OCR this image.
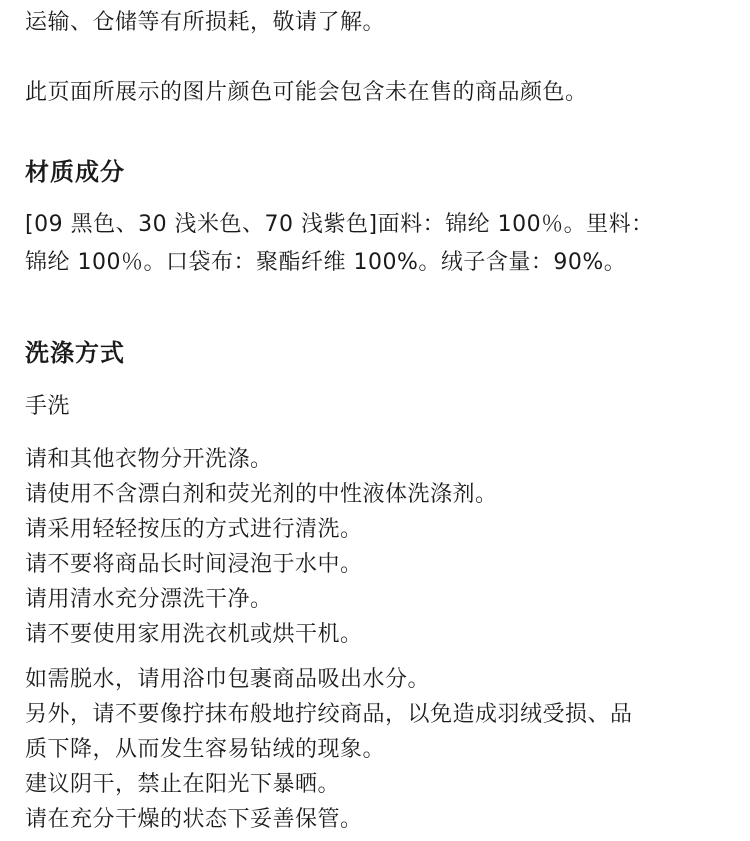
运输、仓储等有所损耗，敬请了解。
此页面所展示的图片颜色可能会包含未在售的商品颜色。
材质成分
[09 黑色、30 浅米色、70 浅紫色]面料：锦纶 100％。里料：
锦纶 100％。口袋布：聚酯纤维 100%。绒子含量：90%。
洗涤方式
手洗
请和其他衣物分开洗涤。
请使用不含漂白剂和荧光剂的中性液体洗涤剂。
请采用轻轻按压的方式进行清洗。
请不要将商品长时间浸泡于水中。
请用清水充分漂洗干净。
请不要使用家用洗衣机或烘干机。
如需脱水，请用浴巾包裹商品吸出水分。
另外，请不要像拧抹布般地拧绞商品，以免造成羽绒受损、品
质下降，从而发生容易钻绒的现象。
建议阴干，禁止在阳光下暴晒。
请在充分干燥的状态下妥善保管。
